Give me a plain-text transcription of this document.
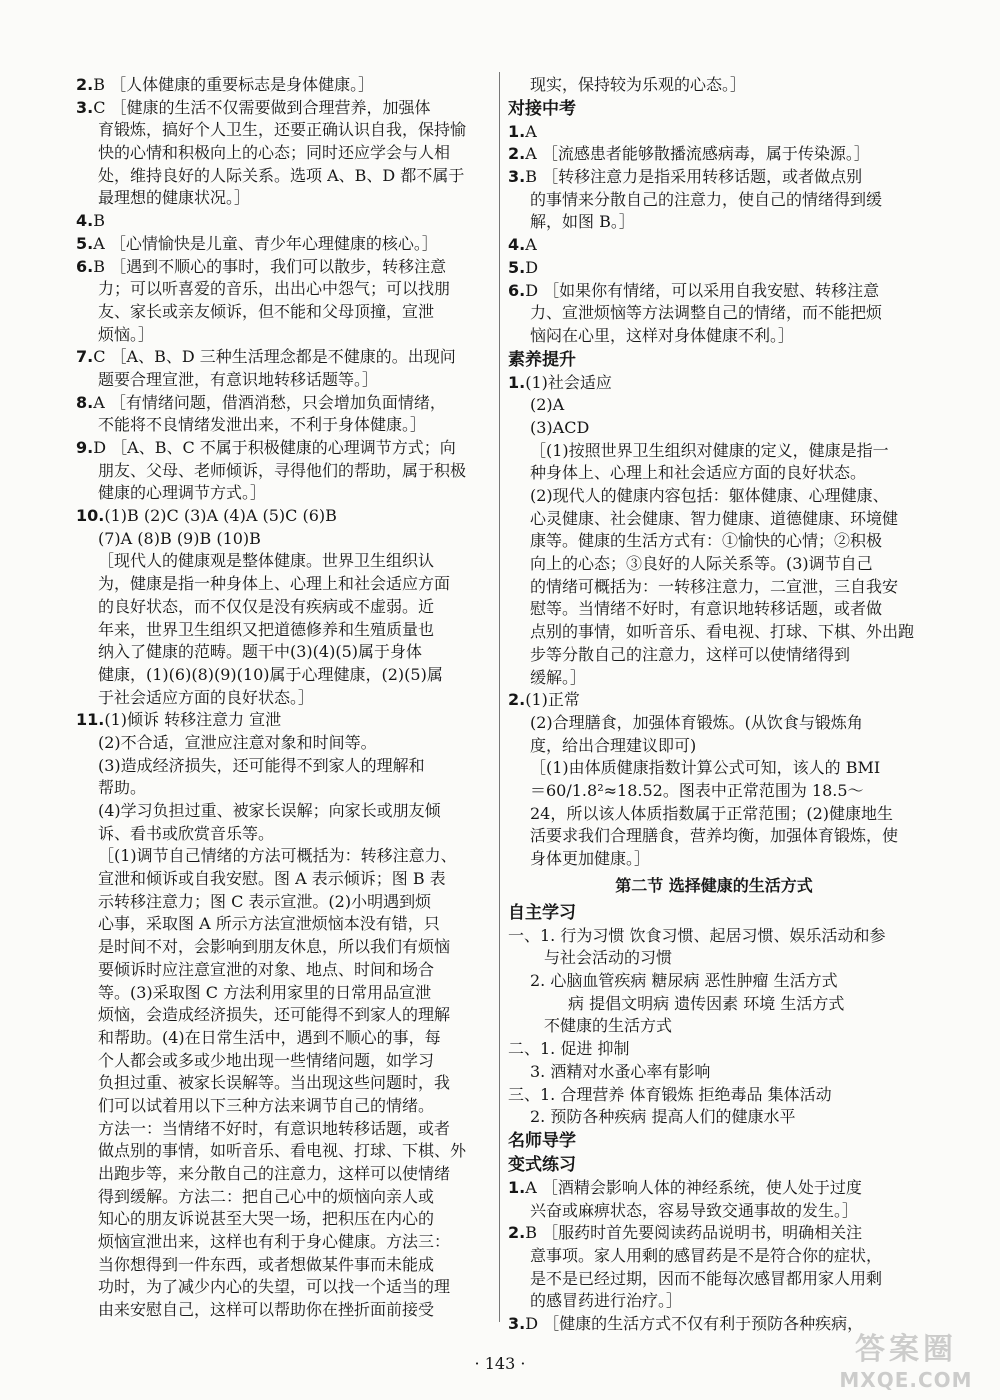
2.B ［人体健康的重要标志是身体健康。］
3.C ［健康的生活不仅需要做到合理营养，加强体
育锻炼，搞好个人卫生，还要正确认识自我，保持愉
快的心情和积极向上的心态；同时还应学会与人相
处，维持良好的人际关系。选项 A、B、D 都不属于
最理想的健康状况。］
4.B
5.A ［心情愉快是儿童、青少年心理健康的核心。］
6.B ［遇到不顺心的事时，我们可以散步，转移注意
力；可以听喜爱的音乐，出出心中怨气；可以找朋
友、家长或亲友倾诉，但不能和父母顶撞，宣泄
烦恼。］
7.C ［A、B、D 三种生活理念都是不健康的。出现问
题要合理宣泄，有意识地转移话题等。］
8.A ［有情绪问题，借酒消愁，只会增加负面情绪，
不能将不良情绪发泄出来，不利于身体健康。］
9.D ［A、B、C 不属于积极健康的心理调节方式；向
朋友、父母、老师倾诉，寻得他们的帮助，属于积极
健康的心理调节方式。］
10.(1)B (2)C (3)A (4)A (5)C (6)B
(7)A (8)B (9)B (10)B
［现代人的健康观是整体健康。世界卫生组织认
为，健康是指一种身体上、心理上和社会适应方面
的良好状态，而不仅仅是没有疾病或不虚弱。近
年来，世界卫生组织又把道德修养和生殖质量也
纳入了健康的范畴。题干中(3)(4)(5)属于身体
健康，(1)(6)(8)(9)(10)属于心理健康，(2)(5)属
于社会适应方面的良好状态。］
11.(1)倾诉 转移注意力 宣泄
(2)不合适，宣泄应注意对象和时间等。
(3)造成经济损失，还可能得不到家人的理解和
帮助。
(4)学习负担过重、被家长误解；向家长或朋友倾
诉、看书或欣赏音乐等。
［(1)调节自己情绪的方法可概括为：转移注意力、
宣泄和倾诉或自我安慰。图 A 表示倾诉；图 B 表
示转移注意力；图 C 表示宣泄。(2)小明遇到烦
心事，采取图 A 所示方法宣泄烦恼本没有错，只
是时间不对，会影响到朋友休息，所以我们有烦恼
要倾诉时应注意宣泄的对象、地点、时间和场合
等。(3)采取图 C 方法利用家里的日常用品宣泄
烦恼，会造成经济损失，还可能得不到家人的理解
和帮助。(4)在日常生活中，遇到不顺心的事，每
个人都会或多或少地出现一些情绪问题，如学习
负担过重、被家长误解等。当出现这些问题时，我
们可以试着用以下三种方法来调节自己的情绪。
方法一：当情绪不好时，有意识地转移话题，或者
做点别的事情，如听音乐、看电视、打球、下棋、外
出跑步等，来分散自己的注意力，这样可以使情绪
得到缓解。方法二：把自己心中的烦恼向亲人或
知心的朋友诉说甚至大哭一场，把积压在内心的
烦恼宣泄出来，这样也有利于身心健康。方法三：
当你想得到一件东西，或者想做某件事而未能成
功时，为了减少内心的失望，可以找一个适当的理
由来安慰自己，这样可以帮助你在挫折面前接受
现实，保持较为乐观的心态。］
对接中考
1.A
2.A ［流感患者能够散播流感病毒，属于传染源。］
3.B ［转移注意力是指采用转移话题，或者做点别
的事情来分散自己的注意力，使自己的情绪得到缓
解，如图 B。］
4.A
5.D
6.D ［如果你有情绪，可以采用自我安慰、转移注意
力、宣泄烦恼等方法调整自己的情绪，而不能把烦
恼闷在心里，这样对身体健康不利。］
素养提升
1.(1)社会适应
(2)A
(3)ACD
［(1)按照世界卫生组织对健康的定义，健康是指一
种身体上、心理上和社会适应方面的良好状态。
(2)现代人的健康内容包括：躯体健康、心理健康、
心灵健康、社会健康、智力健康、道德健康、环境健
康等。健康的生活方式有：①愉快的心情；②积极
向上的心态；③良好的人际关系等。(3)调节自己
的情绪可概括为：一转移注意力，二宣泄，三自我安
慰等。当情绪不好时，有意识地转移话题，或者做
点别的事情，如听音乐、看电视、打球、下棋、外出跑
步等分散自己的注意力，这样可以使情绪得到
缓解。］
2.(1)正常
(2)合理膳食，加强体育锻炼。(从饮食与锻炼角
度，给出合理建议即可)
［(1)由体质健康指数计算公式可知，该人的 BMI
＝60/1.8²≈18.52。图表中正常范围为 18.5～
24，所以该人体质指数属于正常范围；(2)健康地生
活要求我们合理膳食，营养均衡，加强体育锻炼，使
身体更加健康。］
第二节 选择健康的生活方式
自主学习
一、1. 行为习惯 饮食习惯、起居习惯、娱乐活动和参
与社会活动的习惯
2. 心脑血管疾病 糖尿病 恶性肿瘤 生活方式
病 提倡文明病 遗传因素 环境 生活方式
不健康的生活方式
二、1. 促进 抑制
3. 酒精对水蚤心率有影响
三、1. 合理营养 体育锻炼 拒绝毒品 集体活动
2. 预防各种疾病 提高人们的健康水平
名师导学
变式练习
1.A ［酒精会影响人体的神经系统，使人处于过度
兴奋或麻痹状态，容易导致交通事故的发生。］
2.B ［服药时首先要阅读药品说明书，明确相关注
意事项。家人用剩的感冒药是不是符合你的症状，
是不是已经过期，因而不能每次感冒都用家人用剩
的感冒药进行治疗。］
3.D ［健康的生活方式不仅有利于预防各种疾病，
· 143 ·	答案圈
MXQE.COM
